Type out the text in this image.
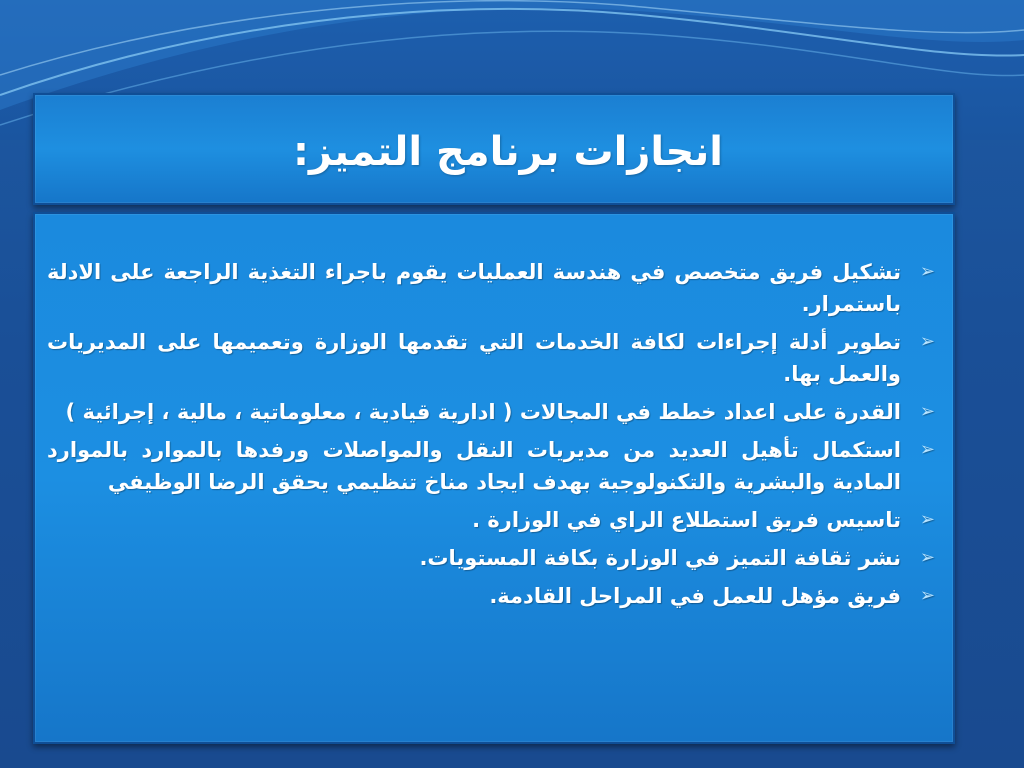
انجازات برنامج التميز:
➢
تشكيل فريق متخصص في هندسة العمليات يقوم باجراء التغذية الراجعة على الادلة باستمرار.
➢
تطوير أدلة إجراءات لكافة الخدمات التي تقدمها الوزارة وتعميمها على المديريات والعمل بها.
➢
القدرة على اعداد خطط في المجالات ( ادارية قيادية ، معلوماتية ، مالية ، إجرائية )
➢
استكمال تأهيل العديد من مديريات النقل والمواصلات ورفدها بالموارد بالموارد المادية والبشرية والتكنولوجية بهدف ايجاد مناخ تنظيمي يحقق الرضا الوظيفي
➢
تاسيس فريق استطلاع الراي في الوزارة .
➢
نشر ثقافة التميز في الوزارة بكافة المستويات.
➢
فريق مؤهل للعمل في المراحل القادمة.
